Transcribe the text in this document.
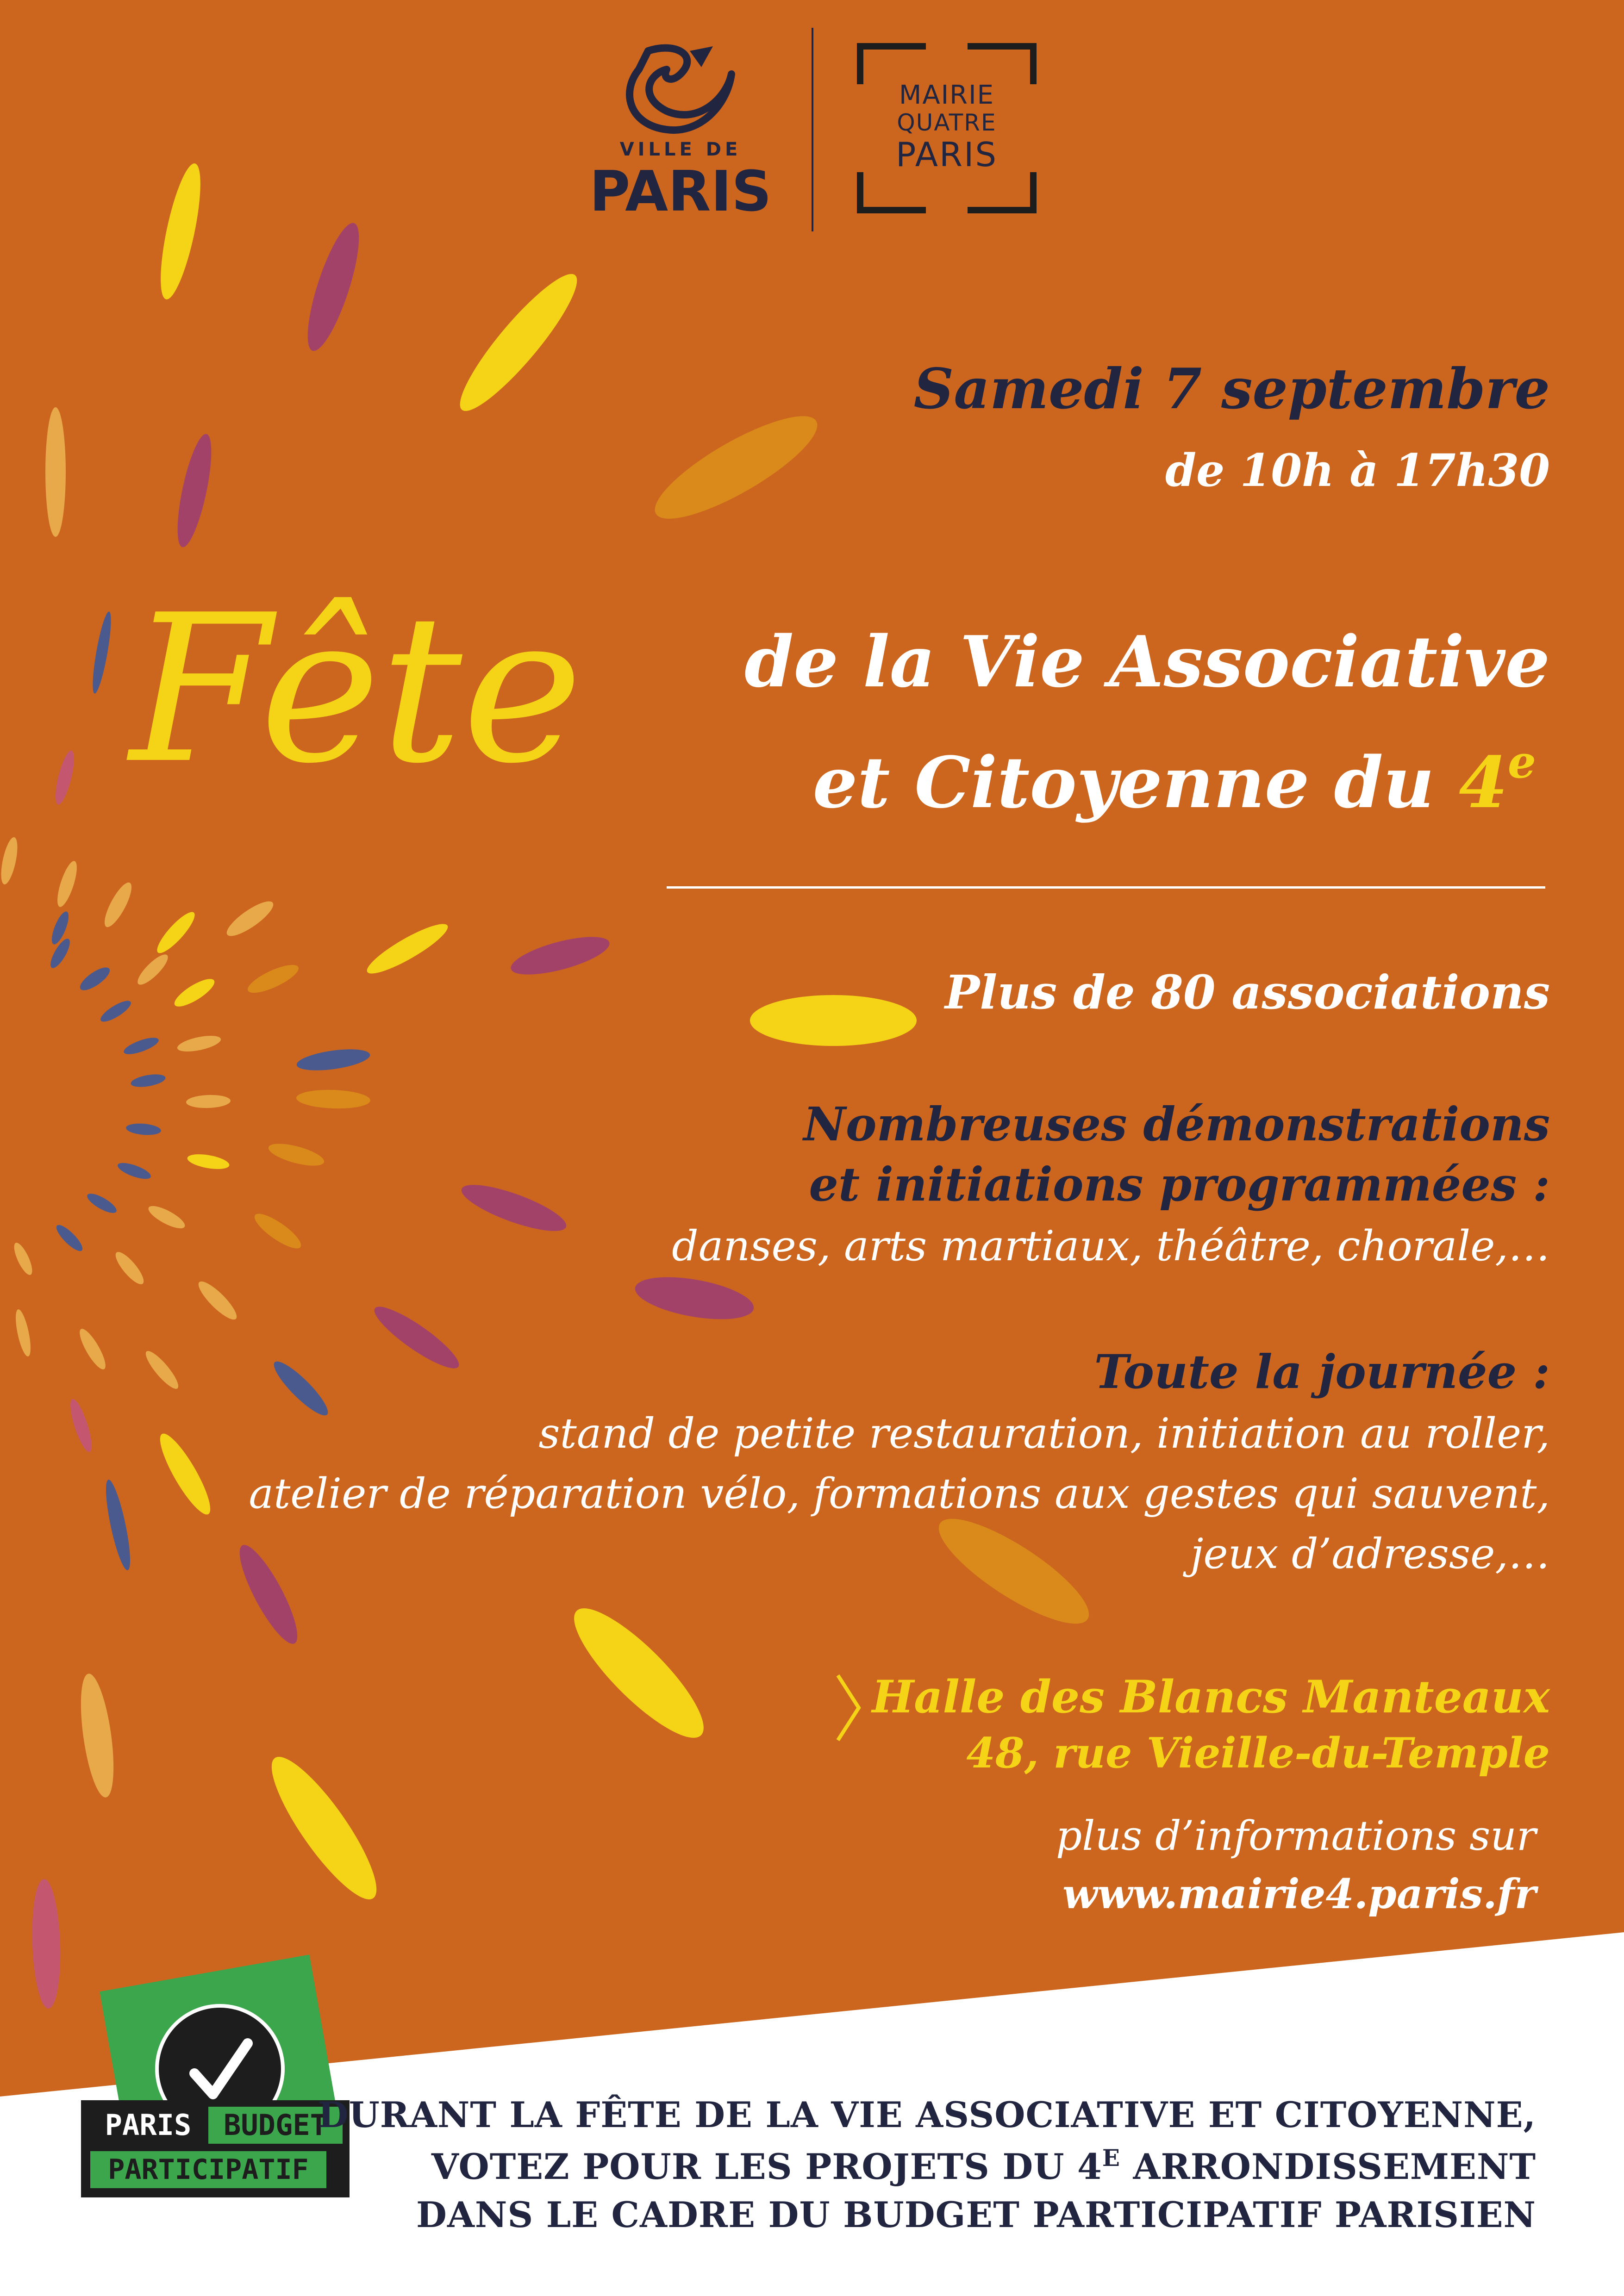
VILLE DE
PARIS
MAIRIE
QUATRE
PARIS
Samedi 7 septembre
de 10h à 17h30
Fête de la Vie Associative
et Citoyenne du 4e
Plus de 80 associations
Nombreuses démonstrations
et initiations programmées :
danses, arts martiaux, théâtre, chorale,…
Toute la journée :
stand de petite restauration, initiation au roller,
atelier de réparation vélo, formations aux gestes qui sauvent,
jeux d’adresse,…
Halle des Blancs Manteaux
48, rue Vieille-du-Temple
plus d’informations sur
www.mairie4.paris.fr
PARIS	BUDGET
PARTICIPATIF
DURANT LA FÊTE DE LA VIE ASSOCIATIVE ET CITOYENNE,
VOTEZ POUR LES PROJETS DU $4^E$ ARRONDISSEMENT
DANS LE CADRE DU BUDGET PARTICIPATIF PARISIEN
